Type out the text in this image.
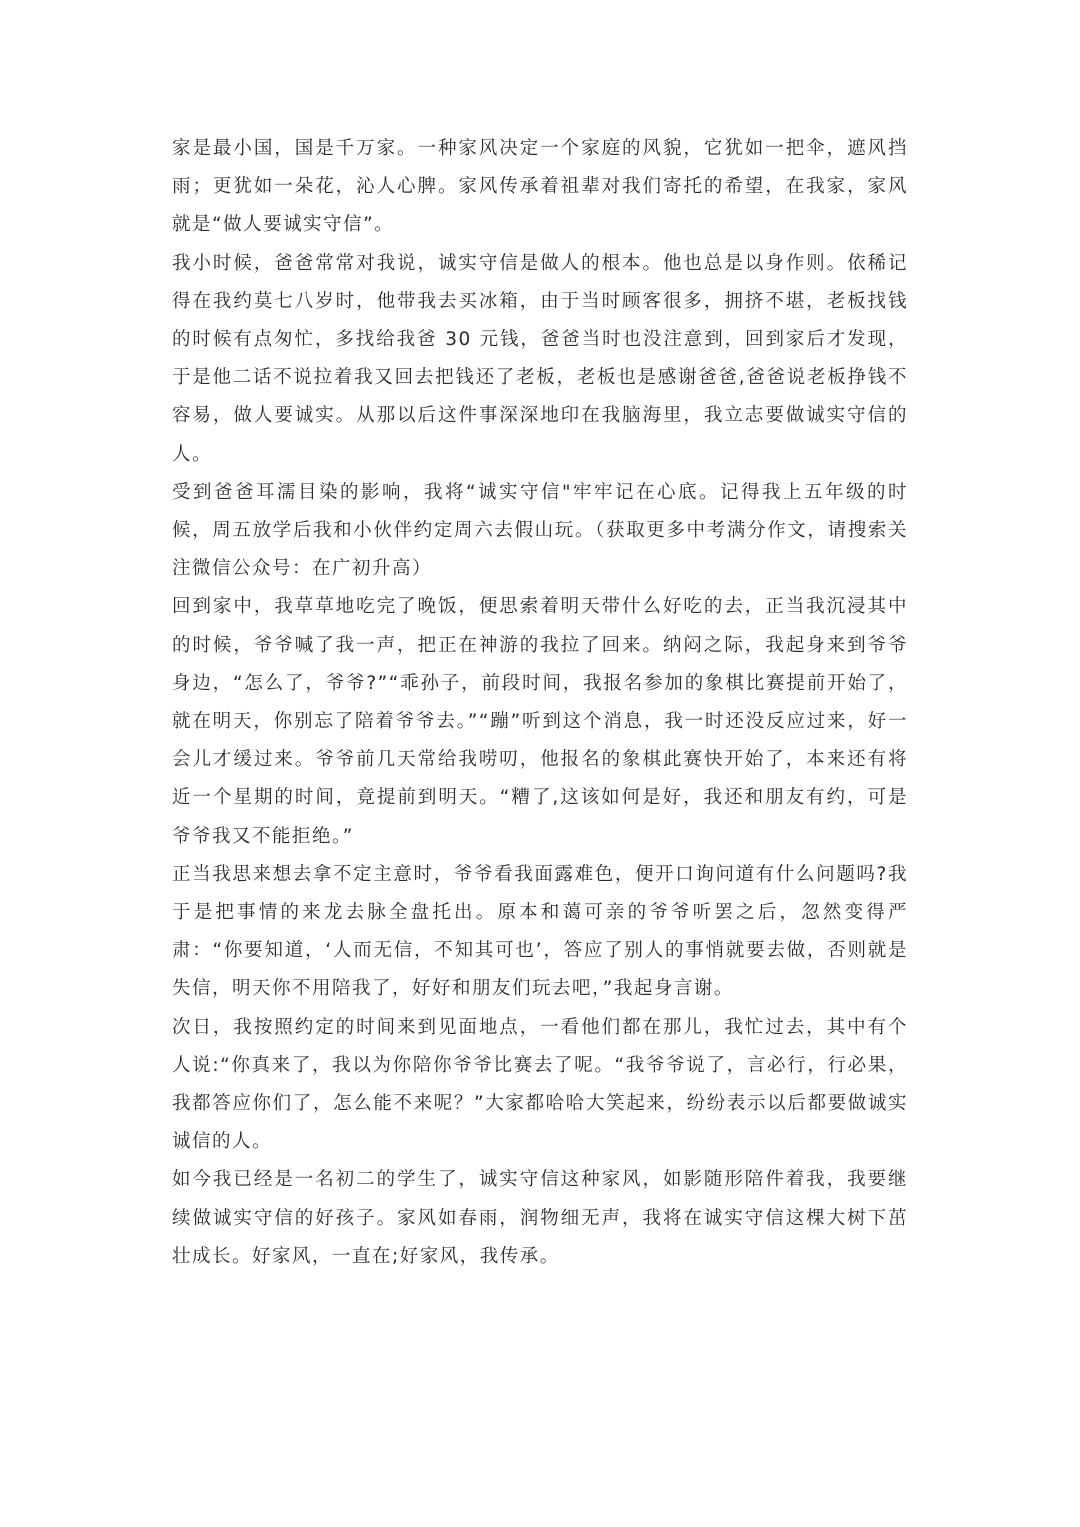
家是最小国，国是千万家。一种家风决定一个家庭的风貌，它犹如一把伞，遮风挡雨；更犹如一朵花，沁人心脾。家风传承着祖辈对我们寄托的希望，在我家，家风就是“做人要诚实守信”。

我小时候，爸爸常常对我说，诚实守信是做人的根本。他也总是以身作则。依稀记得在我约莫七八岁时，他带我去买冰箱，由于当时顾客很多，拥挤不堪，老板找钱的时候有点匆忙，多找给我爸 30 元钱，爸爸当时也没注意到，回到家后才发现，于是他二话不说拉着我又回去把钱还了老板，老板也是感谢爸爸,爸爸说老板挣钱不容易，做人要诚实。从那以后这件事深深地印在我脑海里，我立志要做诚实守信的人。

受到爸爸耳濡目染的影响，我将“诚实守信"牢牢记在心底。记得我上五年级的时候，周五放学后我和小伙伴约定周六去假山玩。（获取更多中考满分作文，请搜索关注微信公众号：在广初升高）

回到家中，我草草地吃完了晚饭，便思索着明天带什么好吃的去，正当我沉浸其中的时候，爷爷喊了我一声，把正在神游的我拉了回来。纳闷之际，我起身来到爷爷身边，“怎么了，爷爷?”“乖孙子，前段时间，我报名参加的象棋比赛提前开始了，就在明天，你别忘了陪着爷爷去。”“蹦”听到这个消息，我一时还没反应过来，好一会儿才缓过来。爷爷前几天常给我唠叨，他报名的象棋此赛快开始了，本来还有将近一个星期的时间，竟提前到明天。“糟了,这该如何是好，我还和朋友有约，可是爷爷我又不能拒绝。”

正当我思来想去拿不定主意时，爷爷看我面露难色，便开口询问道有什么问题吗?我于是把事情的来龙去脉全盘托出。原本和蔼可亲的爷爷听罢之后，忽然变得严肃：“你要知道，‘人而无信，不知其可也’，答应了别人的事悄就要去做，否则就是失信，明天你不用陪我了，好好和朋友们玩去吧，”我起身言谢。

次日，我按照约定的时间来到见面地点，一看他们都在那儿，我忙过去，其中有个人说:“你真来了，我以为你陪你爷爷比赛去了呢。“我爷爷说了，言必行，行必果，我都答应你们了，怎么能不来呢？”大家都哈哈大笑起来，纷纷表示以后都要做诚实诚信的人。

如今我已经是一名初二的学生了，诚实守信这种家风，如影随形陪件着我，我要继续做诚实守信的好孩子。家风如春雨，润物细无声，我将在诚实守信这棵大树下茁壮成长。好家风，一直在;好家风，我传承。
